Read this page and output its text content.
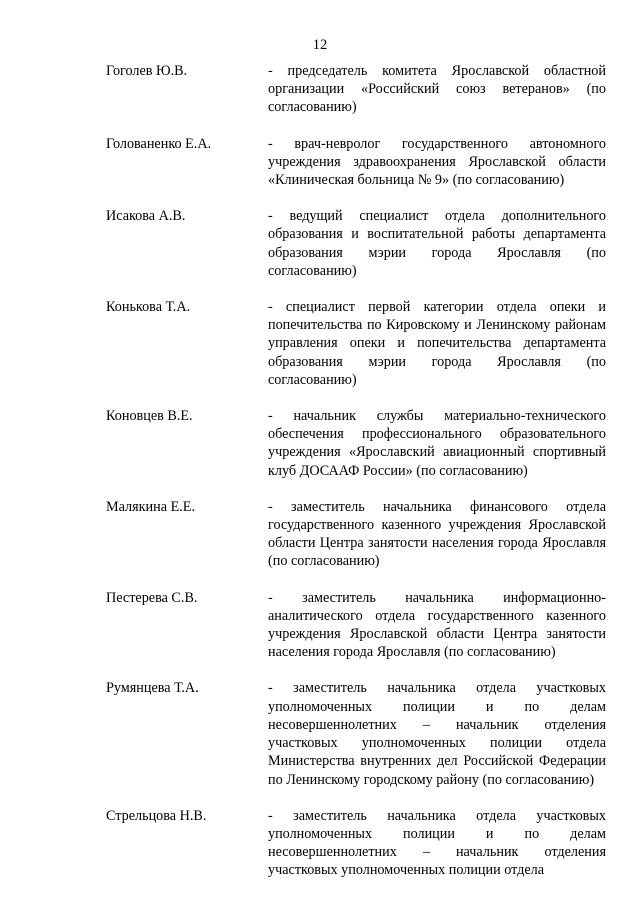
12
Гоголев Ю.В.	- председатель комитета Ярославской областной организации «Российский союз ветеранов» (по согласованию)
Голованенко Е.А.	- врач-невролог государственного автономного учреждения здравоохранения Ярославской области «Клиническая больница № 9» (по согласованию)
Исакова А.В.	- ведущий специалист отдела дополнительного образования и воспитательной работы департамента образования мэрии города Ярославля (по согласованию)
Конькова Т.А.	- специалист первой категории отдела опеки и попечительства по Кировскому и Ленинскому районам управления опеки и попечительства департамента образования мэрии города Ярославля (по согласованию)
Коновцев В.Е.	- начальник службы материально-технического обеспечения профессионального образовательного учреждения «Ярославский авиационный спортивный клуб ДОСААФ России» (по согласованию)
Малякина Е.Е.	- заместитель начальника финансового отдела государственного казенного учреждения Ярославской области Центра занятости населения города Ярославля (по согласованию)
Пестерева С.В.	- заместитель начальника информационно-аналитического отдела государственного казенного учреждения Ярославской области Центра занятости населения города Ярославля (по согласованию)
Румянцева Т.А.	- заместитель начальника отдела участковых уполномоченных полиции и по делам несовершеннолетних – начальник отделения участковых уполномоченных полиции отдела Министерства внутренних дел Российской Федерации по Ленинскому городскому району (по согласованию)
Стрельцова Н.В.	- заместитель начальника отдела участковых уполномоченных полиции и по делам несовершеннолетних – начальник отделения участковых уполномоченных полиции отдела
